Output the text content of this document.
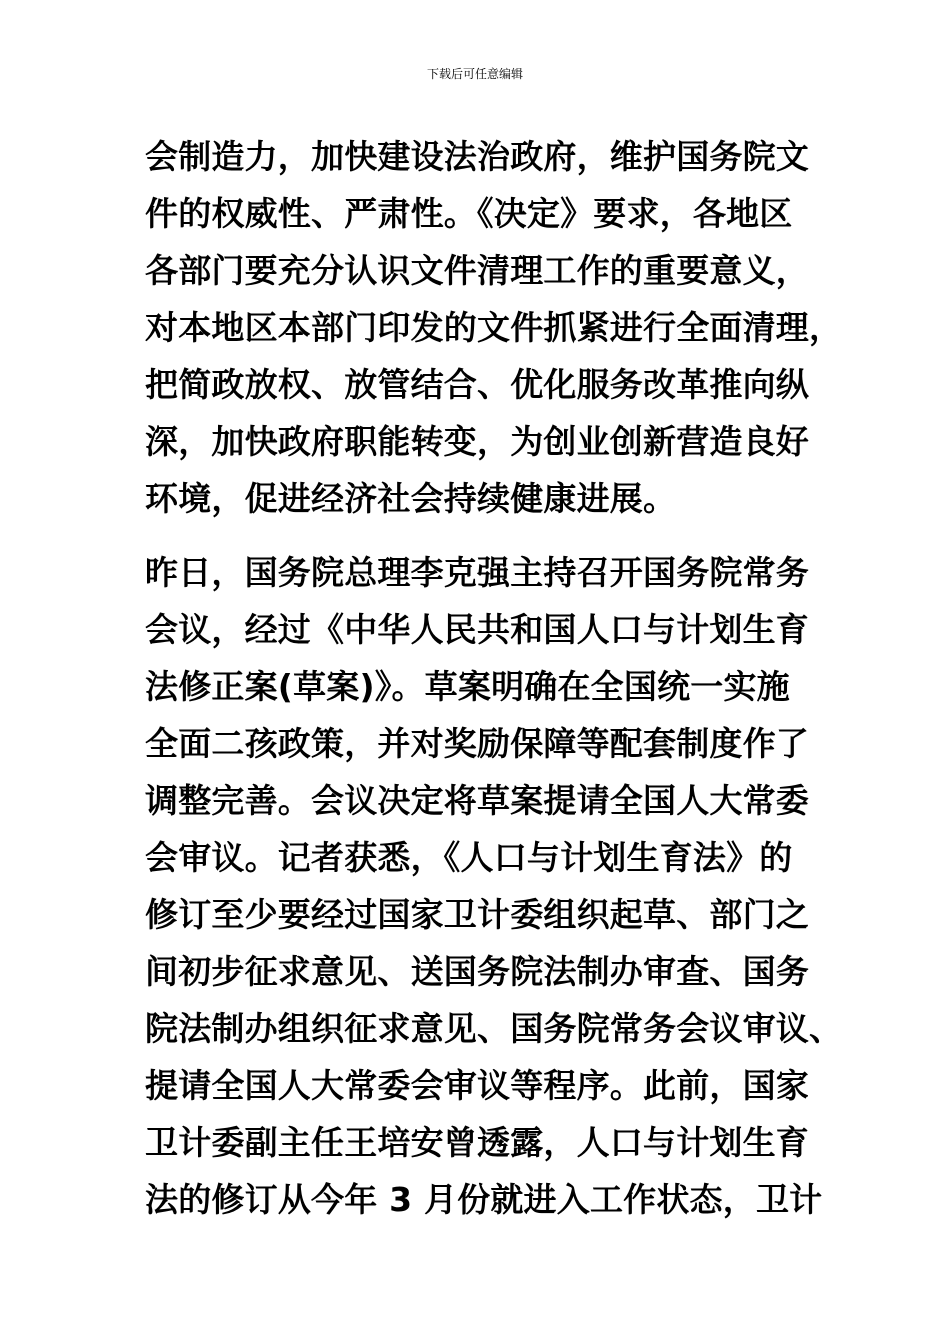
下载后可任意编辑
会制造力，加快建设法治政府，维护国务院文
件的权威性、严肃性。《决定》要求，各地区
各部门要充分认识文件清理工作的重要意义，
对本地区本部门印发的文件抓紧进行全面清理，
把简政放权、放管结合、优化服务改革推向纵
深，加快政府职能转变，为创业创新营造良好
环境，促进经济社会持续健康进展。
昨日，国务院总理李克强主持召开国务院常务
会议，经过《中华人民共和国人口与计划生育
法修正案(草案)》。草案明确在全国统一实施
全面二孩政策，并对奖励保障等配套制度作了
调整完善。会议决定将草案提请全国人大常委
会审议。记者获悉，《人口与计划生育法》的
修订至少要经过国家卫计委组织起草、部门之
间初步征求意见、送国务院法制办审查、国务
院法制办组织征求意见、国务院常务会议审议、
提请全国人大常委会审议等程序。此前，国家
卫计委副主任王培安曾透露，人口与计划生育
法的修订从今年 3 月份就进入工作状态，卫计
